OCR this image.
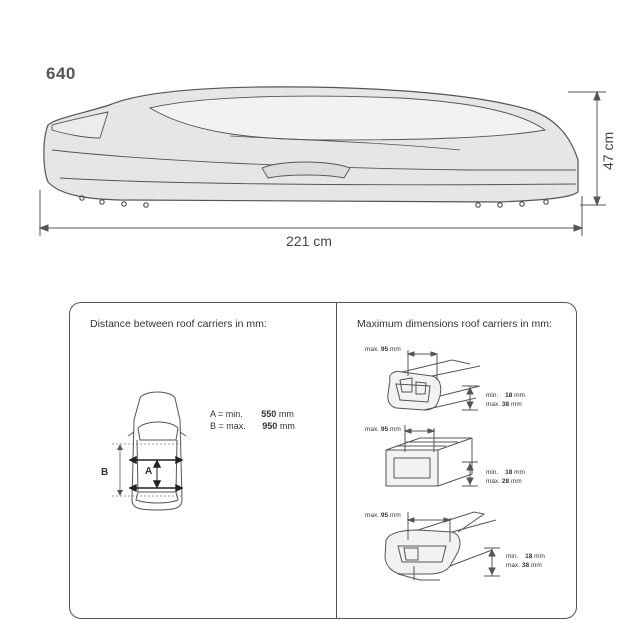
640
221 cm
47 cm
Distance between roof carriers in mm:
A = min. 550 mm
B = max. 950 mm
A
B
Maximum dimensions roof carriers in mm:
max. 95 mm
min. 18 mm
max. 38 mm
max. 95 mm
min. 18 mm
max. 28 mm
max. 95 mm
min. 18 mm
max. 38 mm
